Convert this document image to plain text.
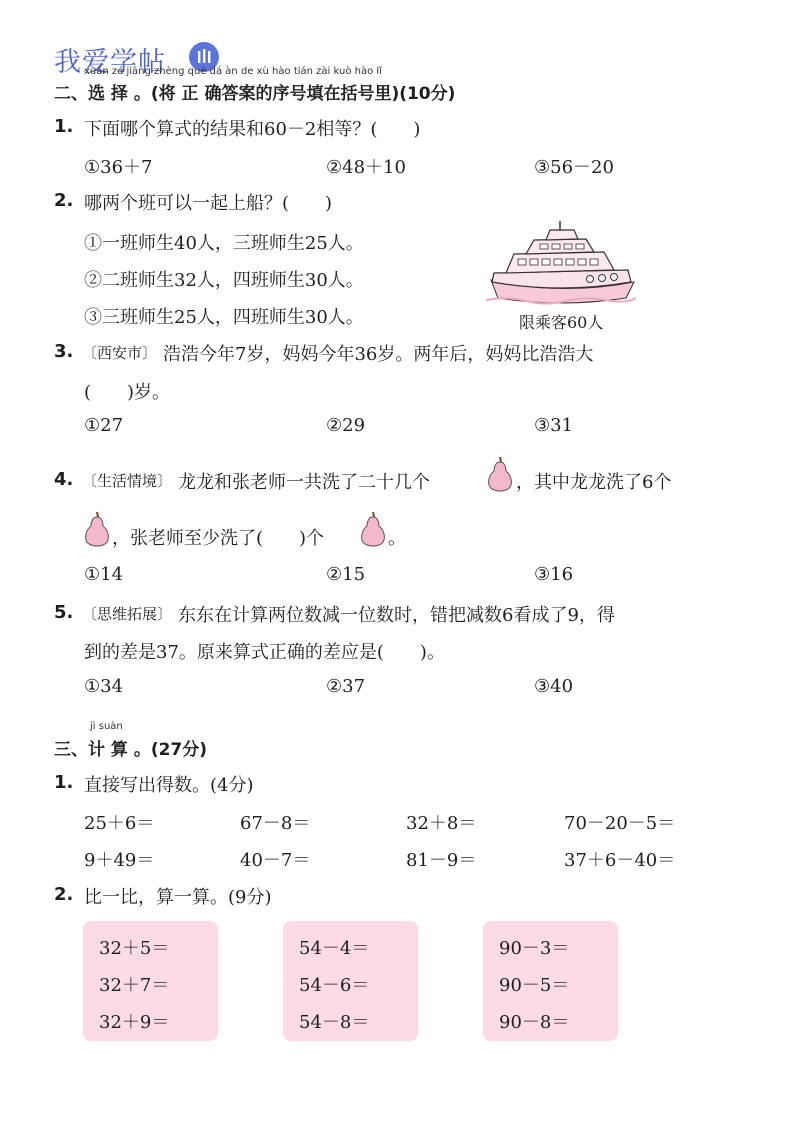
我爱学帖
xuǎn zé jiāng zhèng què dá àn de xù hào tián zài kuò hào lǐ
二、选 择 。(将 正 确答案的序号填在括号里)(10分)
1. 下面哪个算式的结果和60－2相等？(　　)
①36＋7	②48＋10	③56－20
2. 哪两个班可以一起上船？(　　)
①一班师生40人，三班师生25人。
②二班师生32人，四班师生30人。
③三班师生25人，四班师生30人。	限乘客60人
3. 〔西安市〕 浩浩今年7岁，妈妈今年36岁。两年后，妈妈比浩浩大
(　　)岁。
①27	②29	③31
4. 〔生活情境〕 龙龙和张老师一共洗了二十几个	，其中龙龙洗了6个
，张老师至少洗了(　　)个	。
①14	②15	③16
5. 〔思维拓展〕 东东在计算两位数减一位数时，错把减数6看成了9，得
到的差是37。原来算式正确的差应是(　　)。
①34	②37	③40
jì suàn
三、计 算 。(27分)
1. 直接写出得数。(4分)
25＋6＝	67－8＝	32＋8＝	70－20－5＝
9＋49＝	40－7＝	81－9＝	37＋6－40＝
2. 比一比，算一算。(9分)
32＋5＝
32＋7＝
32＋9＝
54－4＝
54－6＝
54－8＝
90－3＝
90－5＝
90－8＝
